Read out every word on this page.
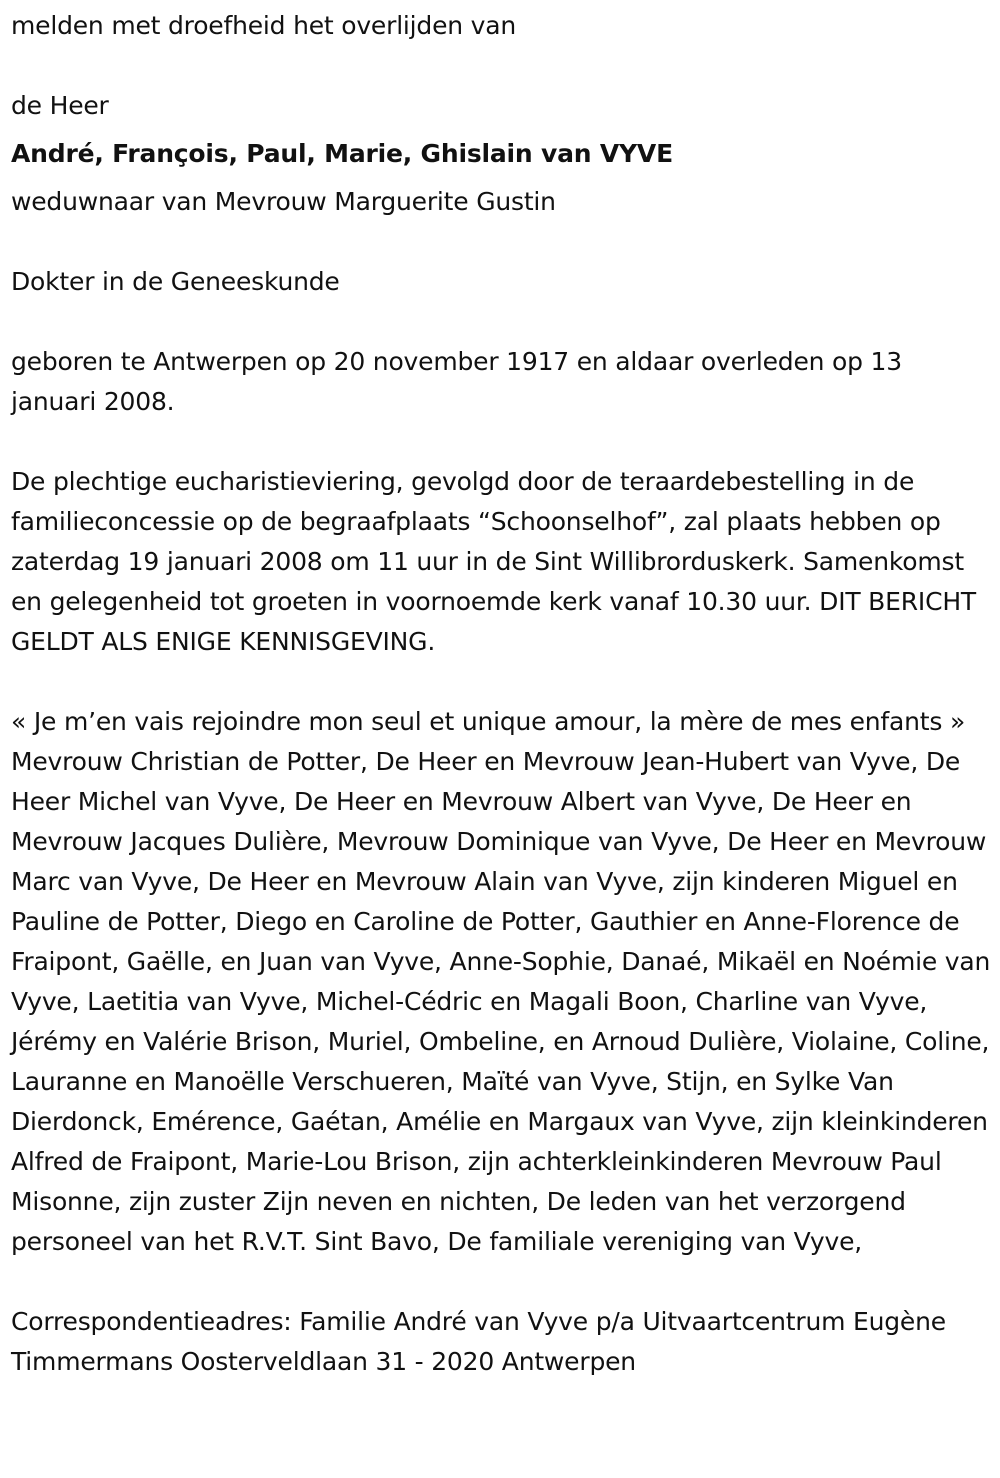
melden met droefheid het overlijden van

de Heer

André, François, Paul, Marie, Ghislain van VYVE

weduwnaar van Mevrouw Marguerite Gustin

Dokter in de Geneeskunde

geboren te Antwerpen op 20 november 1917 en aldaar overleden op 13 januari 2008.

De plechtige eucharistieviering, gevolgd door de teraardebestelling in de familieconcessie op de begraafplaats “Schoonselhof”, zal plaats hebben op zaterdag 19 januari 2008 om 11 uur in de Sint Willibrorduskerk. Samenkomst en gelegenheid tot groeten in voornoemde kerk vanaf 10.30 uur. DIT BERICHT GELDT ALS ENIGE KENNISGEVING.

« Je m’en vais rejoindre mon seul et unique amour, la mère de mes enfants » Mevrouw Christian de Potter, De Heer en Mevrouw Jean-Hubert van Vyve, De Heer Michel van Vyve, De Heer en Mevrouw Albert van Vyve, De Heer en Mevrouw Jacques Dulière, Mevrouw Dominique van Vyve, De Heer en Mevrouw Marc van Vyve, De Heer en Mevrouw Alain van Vyve, zijn kinderen Miguel en Pauline de Potter, Diego en Caroline de Potter, Gauthier en Anne-Florence de Fraipont, Gaëlle, en Juan van Vyve, Anne-Sophie, Danaé, Mikaël en Noémie van Vyve, Laetitia van Vyve, Michel-Cédric en Magali Boon, Charline van Vyve, Jérémy en Valérie Brison, Muriel, Ombeline, en Arnoud Dulière, Violaine, Coline, Lauranne en Manoëlle Verschueren, Maïté van Vyve, Stijn, en Sylke Van Dierdonck, Emérence, Gaétan, Amélie en Margaux van Vyve, zijn kleinkinderen Alfred de Fraipont, Marie-Lou Brison, zijn achterkleinkinderen Mevrouw Paul Misonne, zijn zuster Zijn neven en nichten, De leden van het verzorgend personeel van het R.V.T. Sint Bavo, De familiale vereniging van Vyve,

Correspondentieadres: Familie André van Vyve p/a Uitvaartcentrum Eugène Timmermans Oosterveldlaan 31 - 2020 Antwerpen
